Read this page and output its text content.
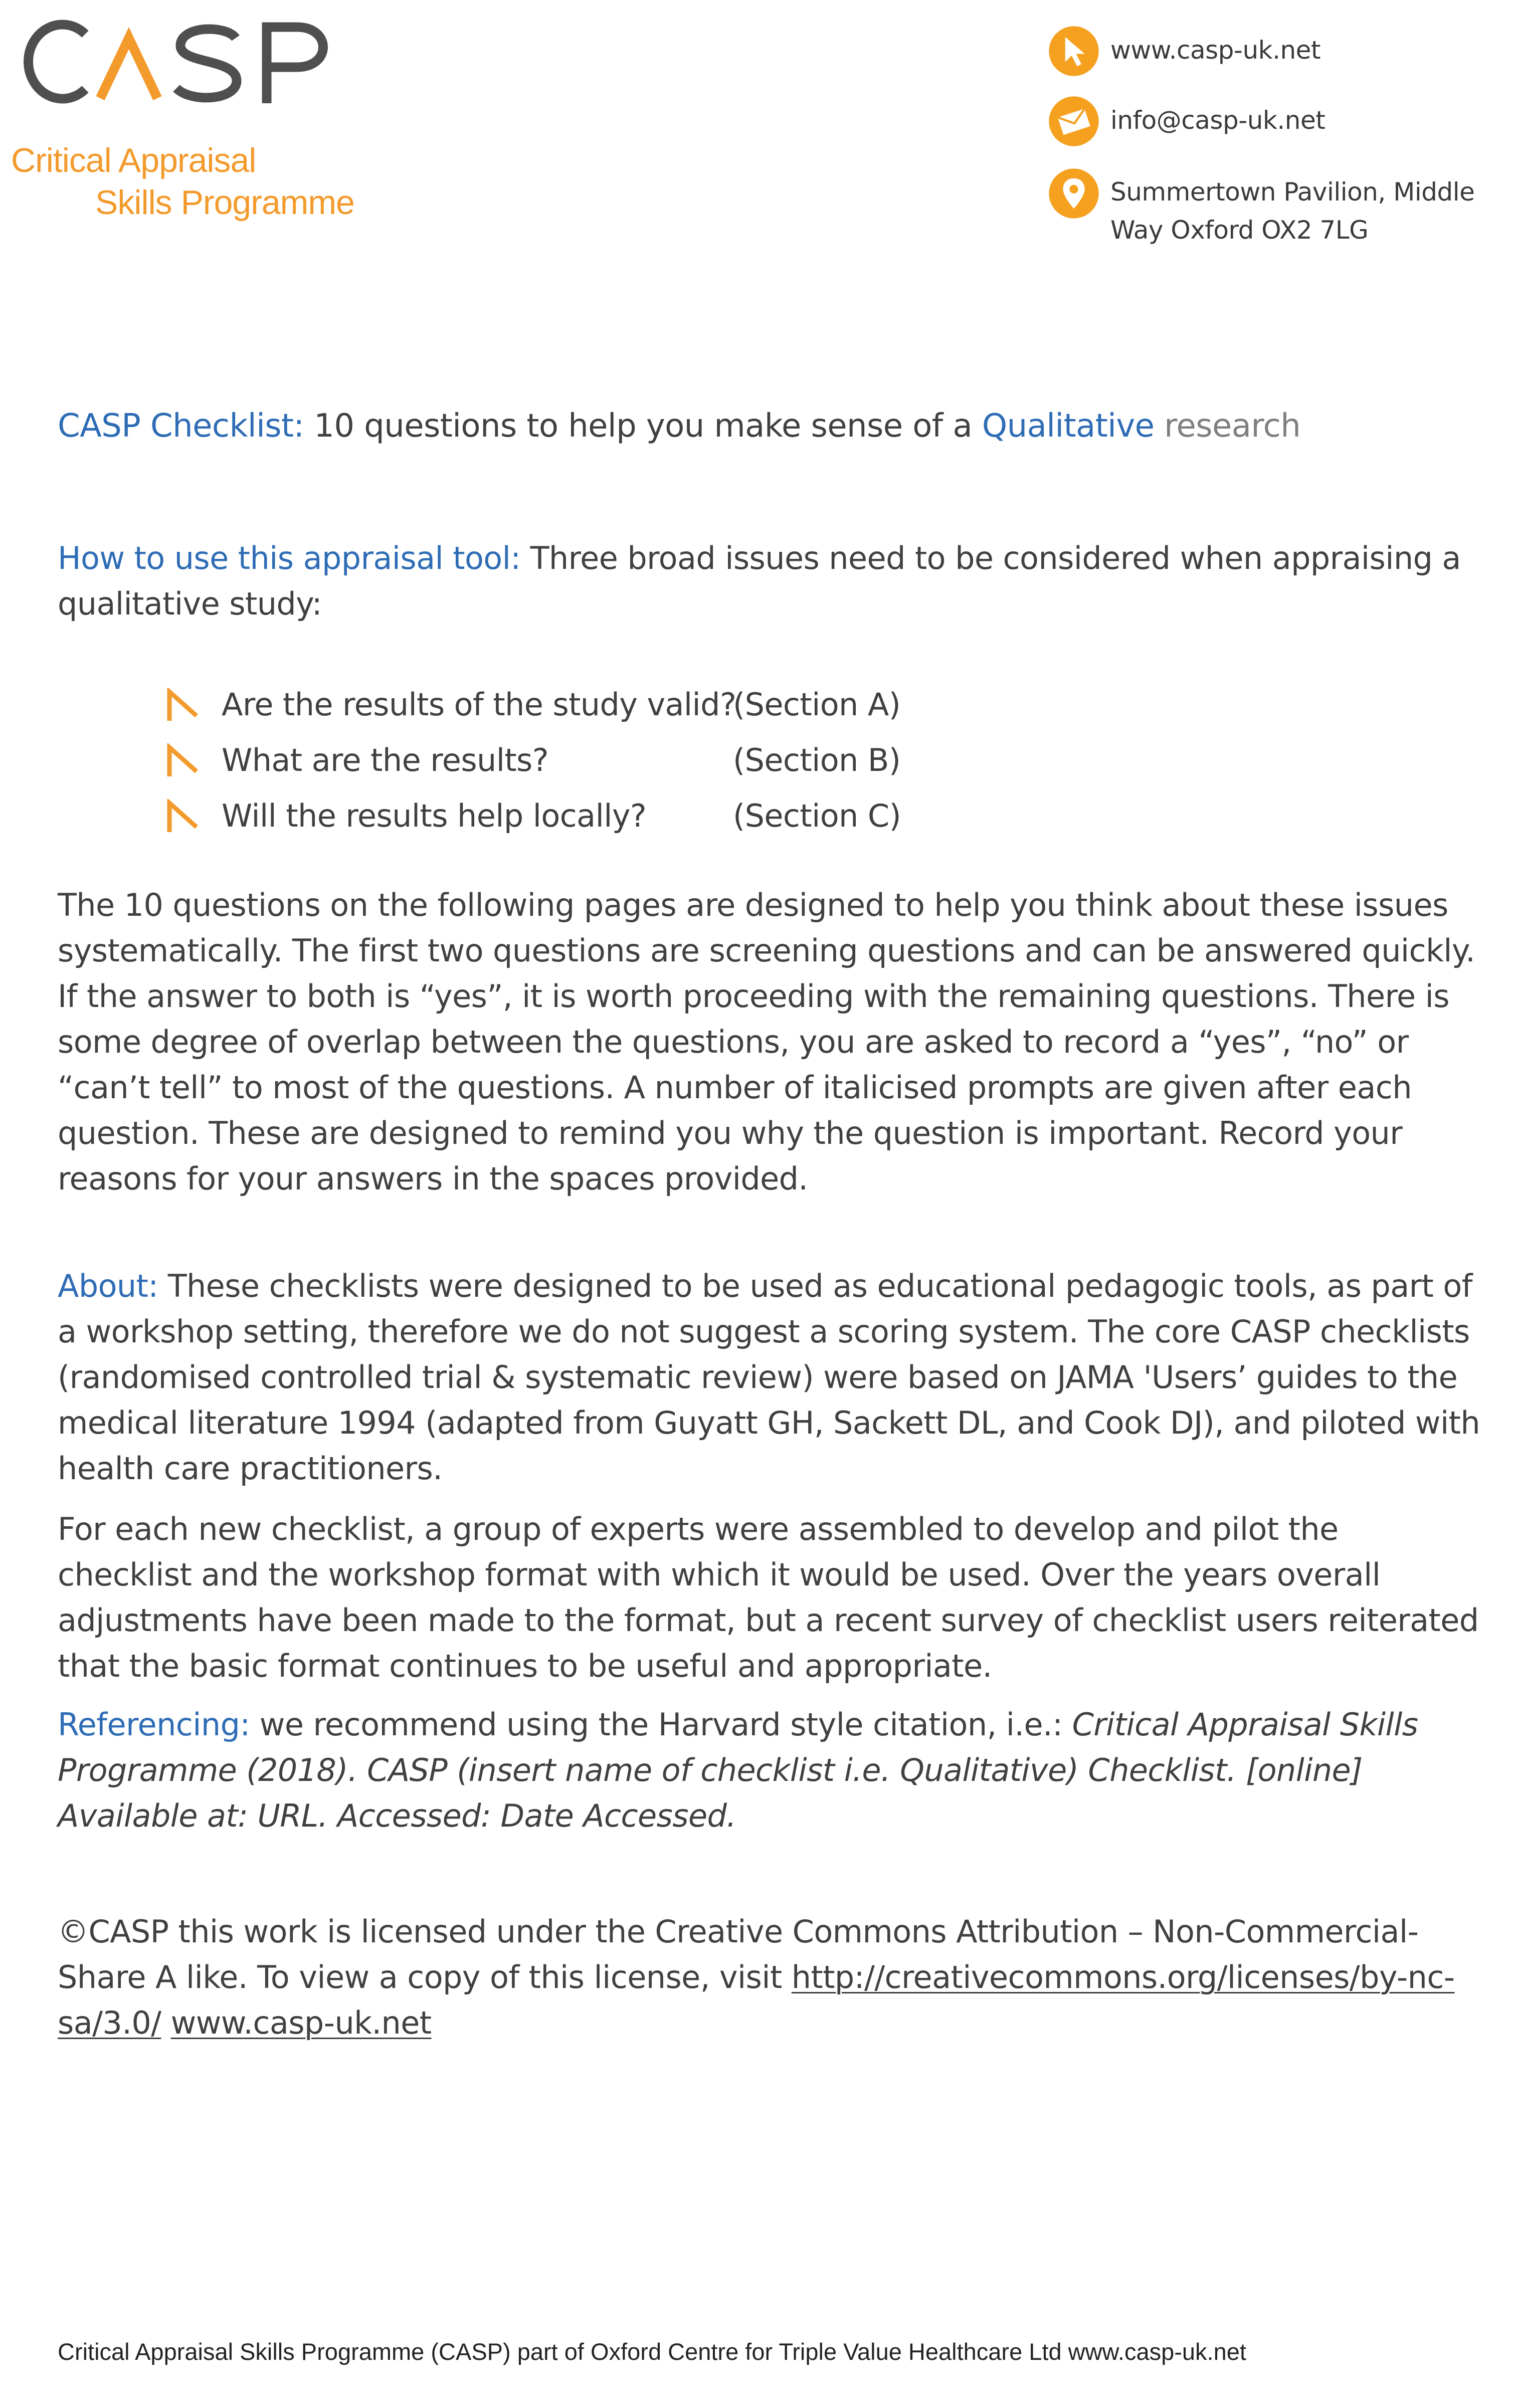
Critical Appraisal
Skills Programme
www.casp-uk.net
info@casp-uk.net
Summertown Pavilion, Middle
Way Oxford OX2 7LG
CASP Checklist: 10 questions to help you make sense of a Qualitative research
How to use this appraisal tool: Three broad issues need to be considered when appraising a qualitative study:
Are the results of the study valid?
(Section A)
What are the results?	(Section B)
Will the results help locally?	(Section C)
The 10 questions on the following pages are designed to help you think about these issues systematically. The first two questions are screening questions and can be answered quickly. If the answer to both is “yes”, it is worth proceeding with the remaining questions. There is some degree of overlap between the questions, you are asked to record a “yes”, “no” or “can’t tell” to most of the questions. A number of italicised prompts are given after each question. These are designed to remind you why the question is important. Record your reasons for your answers in the spaces provided.
About: These checklists were designed to be used as educational pedagogic tools, as part of a workshop setting, therefore we do not suggest a scoring system. The core CASP checklists (randomised controlled trial & systematic review) were based on JAMA 'Users’ guides to the medical literature 1994 (adapted from Guyatt GH, Sackett DL, and Cook DJ), and piloted with health care practitioners.
For each new checklist, a group of experts were assembled to develop and pilot the checklist and the workshop format with which it would be used. Over the years overall adjustments have been made to the format, but a recent survey of checklist users reiterated that the basic format continues to be useful and appropriate.
Referencing: we recommend using the Harvard style citation, i.e.: Critical Appraisal Skills Programme (2018). CASP (insert name of checklist i.e. Qualitative) Checklist. [online] Available at: URL. Accessed: Date Accessed.
©CASP this work is licensed under the Creative Commons Attribution – Non-Commercial-Share A like. To view a copy of this license, visit http://creativecommons.org/licenses/by-nc-sa/3.0/ www.casp-uk.net
Critical Appraisal Skills Programme (CASP) part of Oxford Centre for Triple Value Healthcare Ltd www.casp-uk.net
